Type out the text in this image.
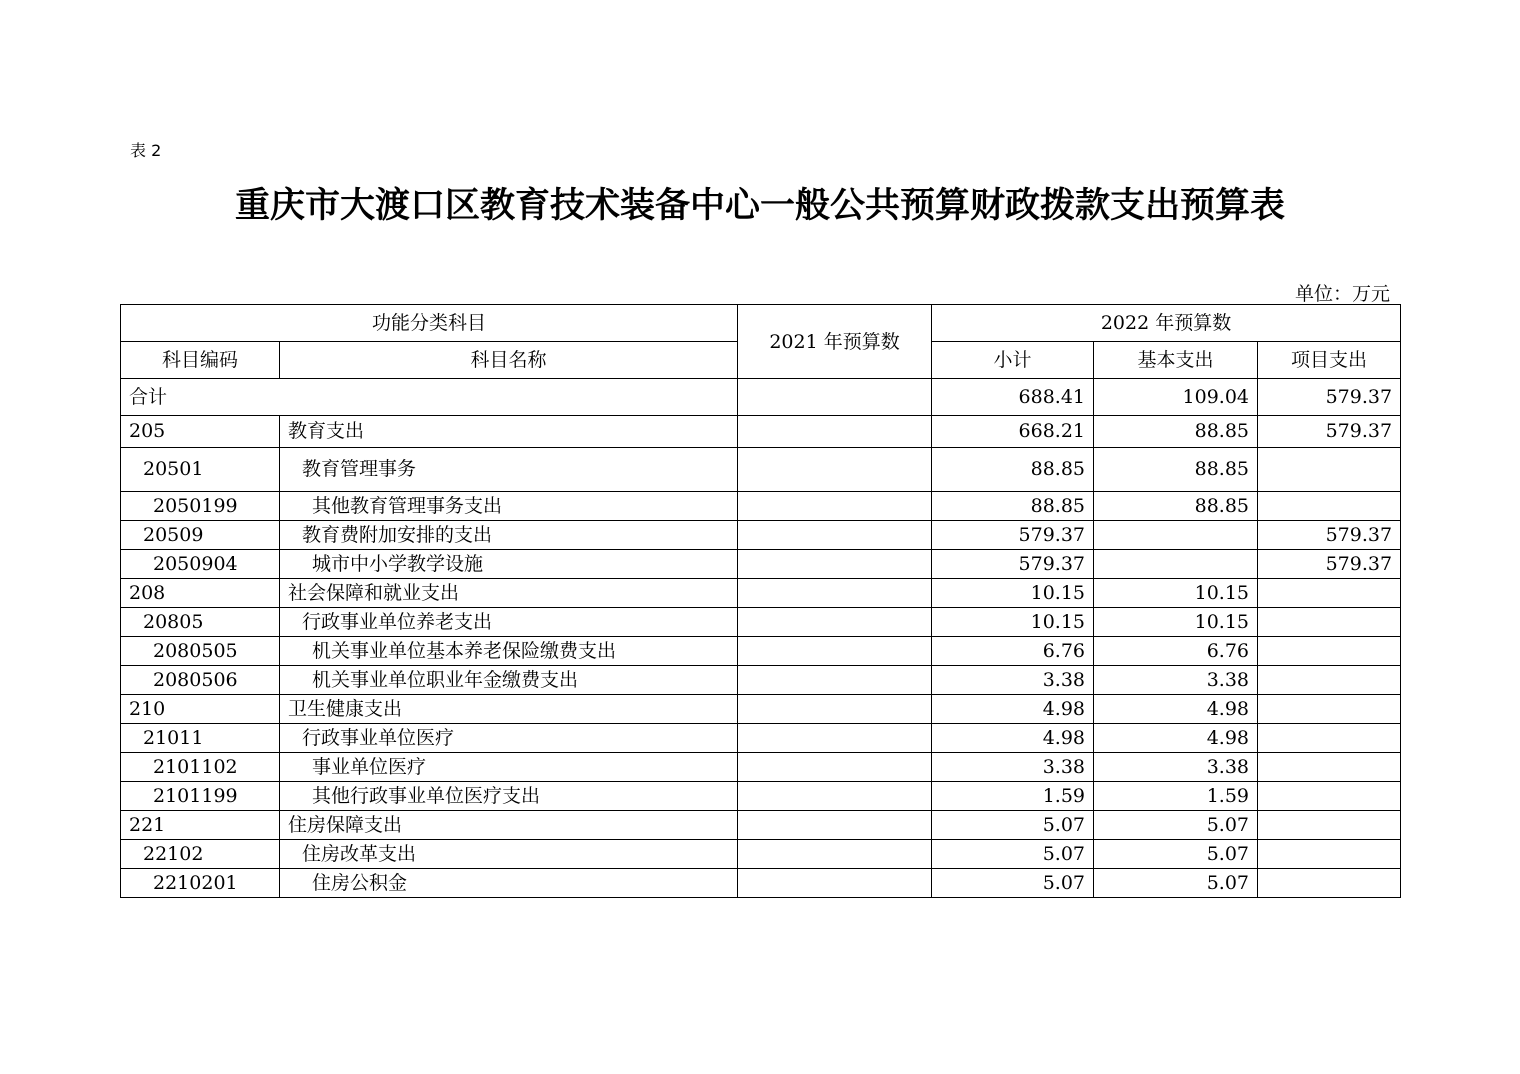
表 2
重庆市大渡口区教育技术装备中心一般公共预算财政拨款支出预算表
单位：万元
功能分类科目		2021 年预算数	2022 年预算数		
科目编码	科目名称		小计	基本支出	项目支出
合计			688.41	109.04	579.37
205	教育支出		668.21	88.85	579.37
20501	教育管理事务		88.85	88.85	
2050199	其他教育管理事务支出		88.85	88.85	
20509	教育费附加安排的支出		579.37		579.37
2050904	城市中小学教学设施		579.37		579.37
208	社会保障和就业支出		10.15	10.15	
20805	行政事业单位养老支出		10.15	10.15	
2080505	机关事业单位基本养老保险缴费支出		6.76	6.76	
2080506	机关事业单位职业年金缴费支出		3.38	3.38	
210	卫生健康支出		4.98	4.98	
21011	行政事业单位医疗		4.98	4.98	
2101102	事业单位医疗		3.38	3.38	
2101199	其他行政事业单位医疗支出		1.59	1.59	
221	住房保障支出		5.07	5.07	
22102	住房改革支出		5.07	5.07	
2210201	住房公积金		5.07	5.07	
